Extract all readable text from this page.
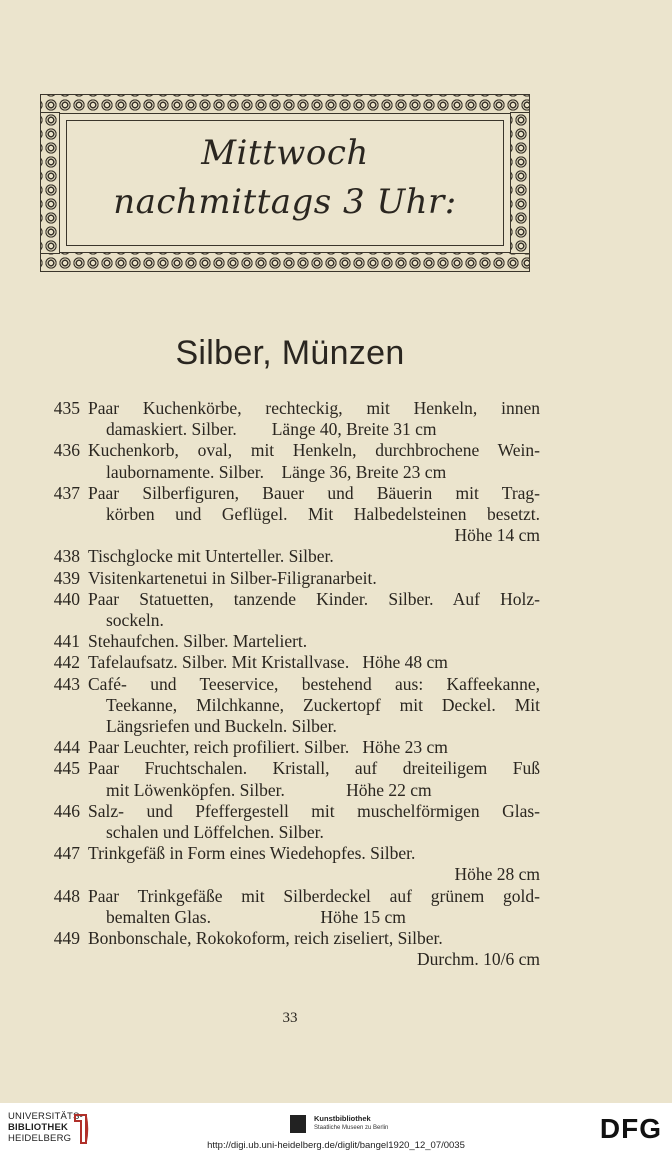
Mittwoch
nachmittags 3 Uhr:
Silber, Münzen
435 Paar Kuchenkörbe, rechteckig, mit Henkeln, innen
damaskiert. Silber.        Länge 40, Breite 31 cm
436 Kuchenkorb, oval, mit Henkeln, durchbrochene Wein-
laubornamente. Silber.    Länge 36, Breite 23 cm
437 Paar Silberfiguren, Bauer und Bäuerin mit Trag-
körben und Geflügel. Mit Halbedelsteinen besetzt.
Höhe 14 cm
438 Tischglocke mit Unterteller. Silber.
439 Visitenkartenetui in Silber-Filigranarbeit.
440 Paar Statuetten, tanzende Kinder. Silber. Auf Holz-
sockeln.
441 Stehaufchen. Silber. Marteliert.
442 Tafelaufsatz. Silber. Mit Kristallvase.   Höhe 48 cm
443 Café- und Teeservice, bestehend aus: Kaffeekanne,
Teekanne, Milchkanne, Zuckertopf mit Deckel. Mit
Längsriefen und Buckeln. Silber.
444 Paar Leuchter, reich profiliert. Silber.   Höhe 23 cm
445 Paar Fruchtschalen. Kristall, auf dreiteiligem Fuß
mit Löwenköpfen. Silber.              Höhe 22 cm
446 Salz- und Pfeffergestell mit muschelförmigen Glas-
schalen und Löffelchen. Silber.
447 Trinkgefäß in Form eines Wiedehopfes. Silber.
Höhe 28 cm
448 Paar Trinkgefäße mit Silberdeckel auf grünem gold-
bemalten Glas.                         Höhe 15 cm
449 Bonbonschale, Rokokoform, reich ziseliert, Silber.
Durchm. 10/6 cm
33
UNIVERSITÄTS-
BIBLIOTHEK
HEIDELBERG
Kunstbibliothek
Staatliche Museen zu Berlin	DFG
http://digi.ub.uni-heidelberg.de/diglit/bangel1920_12_07/0035
